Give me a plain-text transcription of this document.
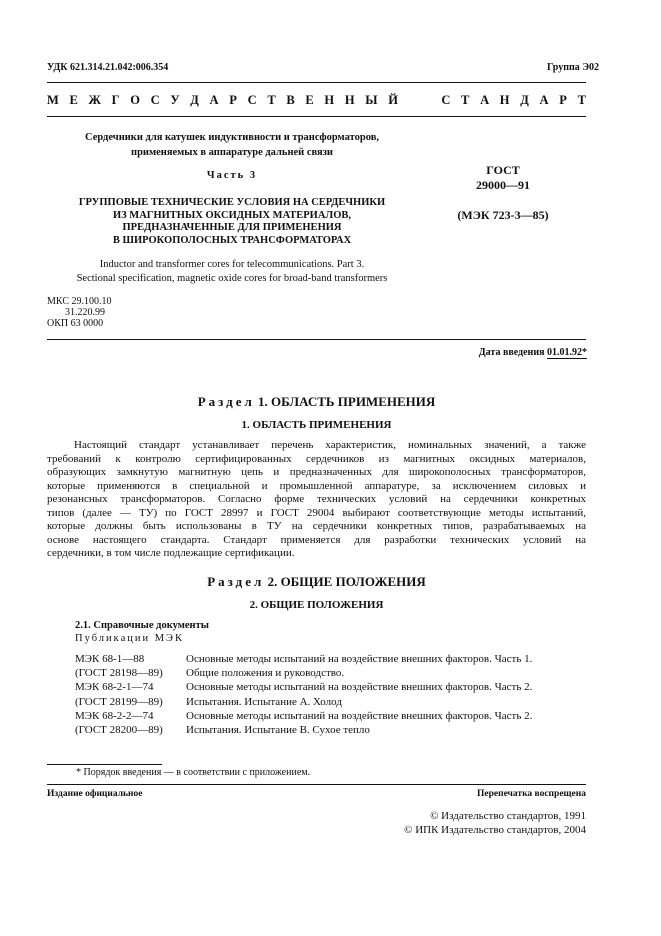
УДК 621.314.21.042:006.354	Группа Э02
М Е Ж Г О С У Д А Р С Т В Е Н Н Ы Й	С Т А Н Д А Р Т
Сердечники для катушек индуктивности и трансформаторов,
применяемых в аппаратуре дальней связи
Часть 3
ГРУППОВЫЕ ТЕХНИЧЕСКИЕ УСЛОВИЯ НА СЕРДЕЧНИКИ
ИЗ МАГНИТНЫХ ОКСИДНЫХ МАТЕРИАЛОВ,
ПРЕДНАЗНАЧЕННЫЕ ДЛЯ ПРИМЕНЕНИЯ
В ШИРОКОПОЛОСНЫХ ТРАНСФОРМАТОРАХ
ГОСТ
29000—91
(МЭК 723-3—85)
Inductor and transformer cores for telecommunications. Part 3.
Sectional specification, magnetic oxide cores for broad-band transformers
МКС 29.100.10
31.220.99
ОКП 63 0000
Дата введения 01.01.92*
Раздел 1. ОБЛАСТЬ ПРИМЕНЕНИЯ
1. ОБЛАСТЬ ПРИМЕНЕНИЯ
Настоящий стандарт устанавливает перечень характеристик, номинальных значений, а также
требований к контролю сертифицированных сердечников из магнитных оксидных материалов,
образующих замкнутую магнитную цепь и предназначенных для широкополосных трансформаторов,
которые применяются в специальной и промышленной аппаратуре, за исключением силовых и
резонансных трансформаторов. Согласно форме технических условий на сердечники конкретных
типов (далее — ТУ) по ГОСТ 28997 и ГОСТ 29004 выбирают соответствующие методы испытаний,
которые должны быть использованы в ТУ на сердечники конкретных типов, разрабатываемых на
основе настоящего стандарта. Стандарт применяется для разработки технических условий на
сердечники, в том числе подлежащие сертификации.
Раздел 2. ОБЩИЕ ПОЛОЖЕНИЯ
2. ОБЩИЕ ПОЛОЖЕНИЯ
2.1. Справочные документы
Публикации МЭК
МЭК 68-1—88	Основные методы испытаний на воздействие внешних факторов. Часть 1.
(ГОСТ 28198—89)	Общие положения и руководство.
МЭК 68-2-1—74	Основные методы испытаний на воздействие внешних факторов. Часть 2.
(ГОСТ 28199—89)	Испытания. Испытание А. Холод
МЭК 68-2-2—74	Основные методы испытаний на воздействие внешних факторов. Часть 2.
(ГОСТ 28200—89)	Испытания. Испытание В. Сухое тепло
* Порядок введения — в соответствии с приложением.
Издание официальное	Перепечатка воспрещена
© Издательство стандартов, 1991
© ИПК Издательство стандартов, 2004
